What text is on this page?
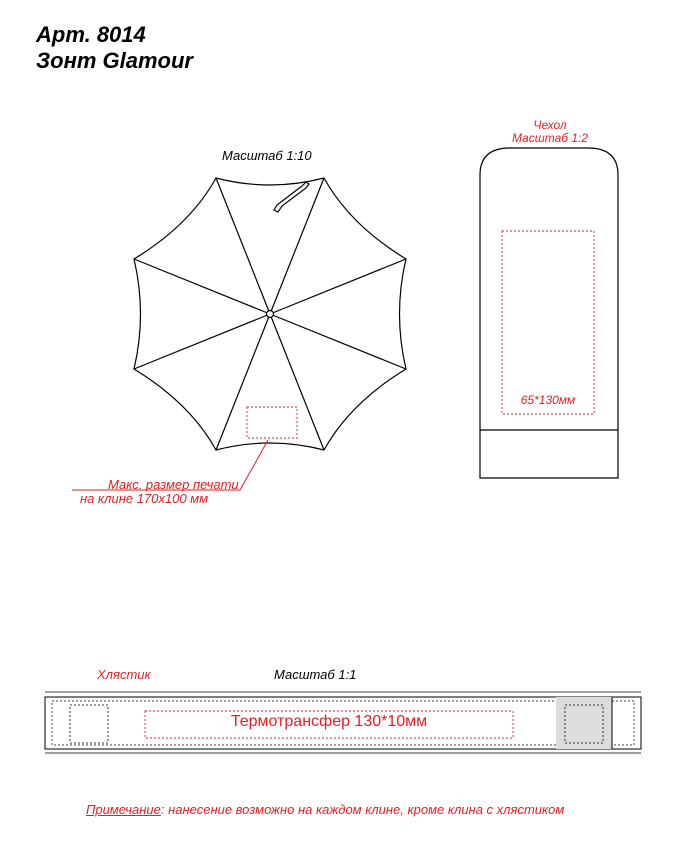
Арт. 8014
Зонт Glamour
Масштаб 1:10
Макс. размер печати
на клине 170x100 мм
Чехол
Масштаб 1:2
65*130мм
Хлястик	Масштаб 1:1
Термотрансфер 130*10мм
Примечание: нанесение возможно на каждом клине, кроме клина с хлястиком
